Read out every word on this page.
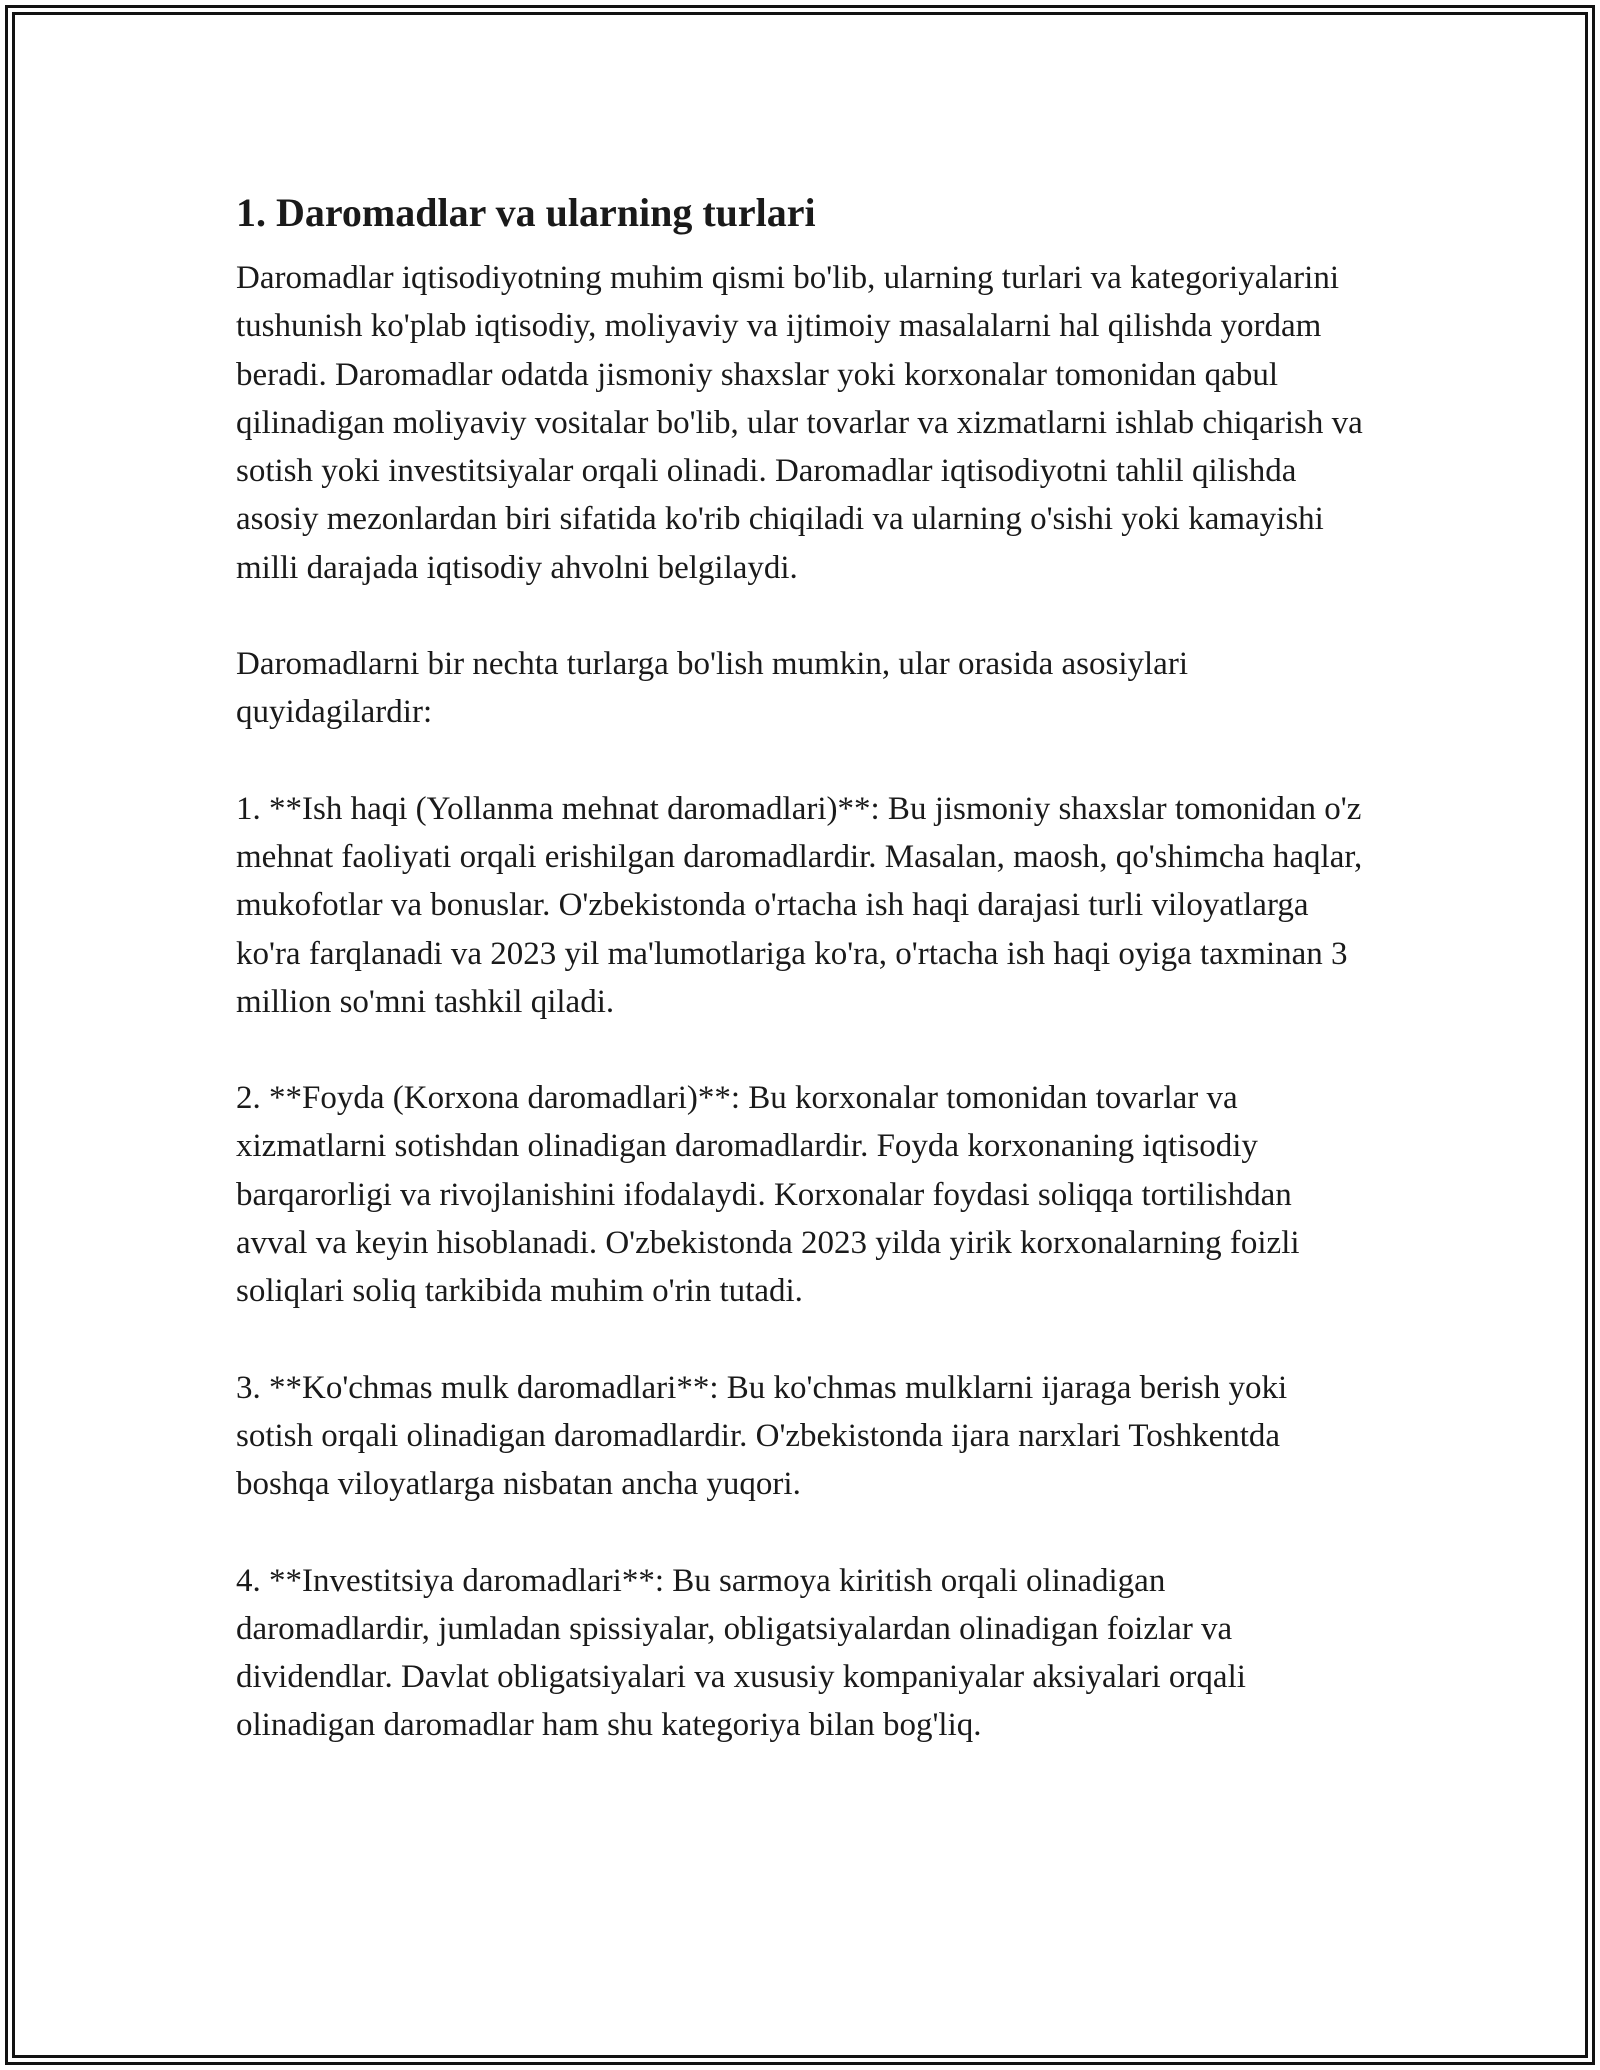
1. Daromadlar va ularning turlari

Daromadlar iqtisodiyotning muhim qismi bo'lib, ularning turlari va kategoriyalarini tushunish ko'plab iqtisodiy, moliyaviy va ijtimoiy masalalarni hal qilishda yordam beradi. Daromadlar odatda jismoniy shaxslar yoki korxonalar tomonidan qabul qilinadigan moliyaviy vositalar bo'lib, ular tovarlar va xizmatlarni ishlab chiqarish va sotish yoki investitsiyalar orqali olinadi. Daromadlar iqtisodiyotni tahlil qilishda asosiy mezonlardan biri sifatida ko'rib chiqiladi va ularning o'sishi yoki kamayishi milli darajada iqtisodiy ahvolni belgilaydi.

Daromadlarni bir nechta turlarga bo'lish mumkin, ular orasida asosiylari quyidagilardir:

1. **Ish haqi (Yollanma mehnat daromadlari)**: Bu jismoniy shaxslar tomonidan o'z mehnat faoliyati orqali erishilgan daromadlardir. Masalan, maosh, qo'shimcha haqlar, mukofotlar va bonuslar. O'zbekistonda o'rtacha ish haqi darajasi turli viloyatlarga ko'ra farqlanadi va 2023 yil ma'lumotlariga ko'ra, o'rtacha ish haqi oyiga taxminan 3 million so'mni tashkil qiladi.

2. **Foyda (Korxona daromadlari)**: Bu korxonalar tomonidan tovarlar va xizmatlarni sotishdan olinadigan daromadlardir. Foyda korxonaning iqtisodiy barqarorligi va rivojlanishini ifodalaydi. Korxonalar foydasi soliqqa tortilishdan avval va keyin hisoblanadi. O'zbekistonda 2023 yilda yirik korxonalarning foizli soliqlari soliq tarkibida muhim o'rin tutadi.

3. **Ko'chmas mulk daromadlari**: Bu ko'chmas mulklarni ijaraga berish yoki sotish orqali olinadigan daromadlardir. O'zbekistonda ijara narxlari Toshkentda boshqa viloyatlarga nisbatan ancha yuqori.

4. **Investitsiya daromadlari**: Bu sarmoya kiritish orqali olinadigan daromadlardir, jumladan spissiyalar, obligatsiyalardan olinadigan foizlar va dividendlar. Davlat obligatsiyalari va xususiy kompaniyalar aksiyalari orqali olinadigan daromadlar ham shu kategoriya bilan bog'liq.
